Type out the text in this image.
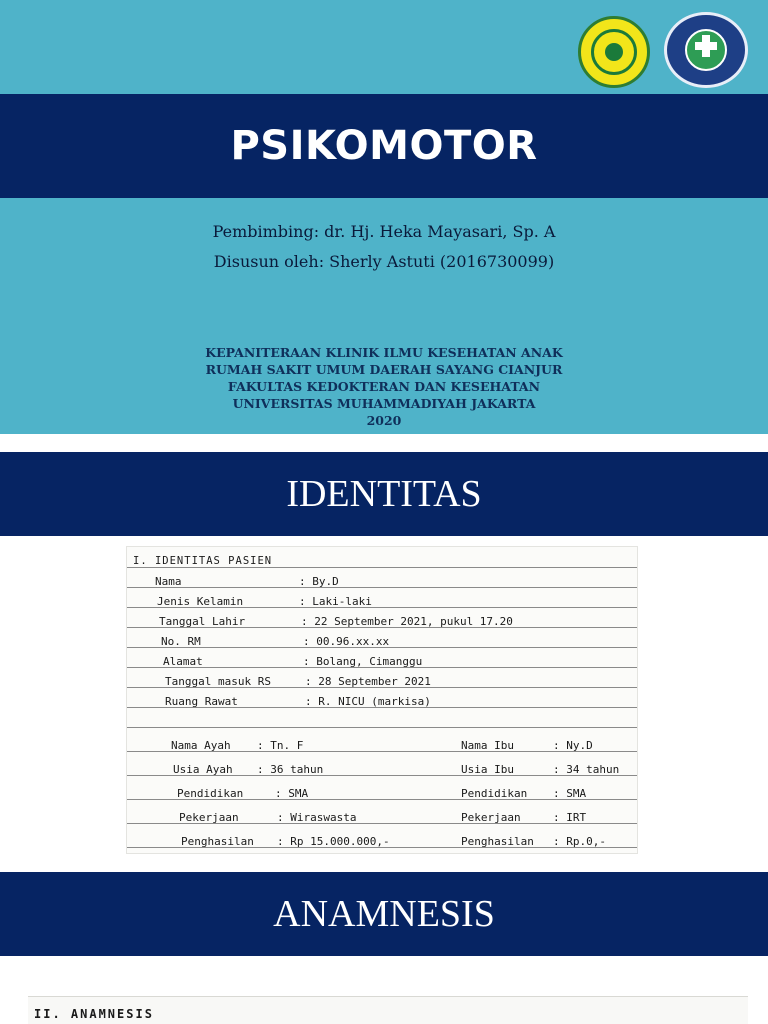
PSIKOMOTOR
Pembimbing: dr. Hj. Heka Mayasari, Sp. A
Disusun oleh: Sherly Astuti (2016730099)
KEPANITERAAN KLINIK ILMU KESEHATAN ANAK
RUMAH SAKIT UMUM DAERAH SAYANG CIANJUR
FAKULTAS KEDOKTERAN DAN KESEHATAN
UNIVERSITAS MUHAMMADIYAH JAKARTA
2020
IDENTITAS
I. IDENTITAS PASIEN
Nama	: By.D
Jenis Kelamin	: Laki-laki
Tanggal Lahir	: 22 September 2021, pukul 17.20
No. RM	: 00.96.xx.xx
Alamat	: Bolang, Cimanggu
Tanggal masuk RS	: 28 September 2021
Ruang Rawat	: R. NICU (markisa)
Nama Ayah : Tn. F	Nama Ibu	: Ny.D
Usia Ayah : 36 tahun	Usia Ibu	: 34 tahun
Pendidikan	: SMA	Pendidikan : SMA
Pekerjaan	: Wiraswasta	Pekerjaan	: IRT
Penghasilan : Rp 15.000.000,-	Penghasilan : Rp.0,-
ANAMNESIS
II. ANAMNESIS
